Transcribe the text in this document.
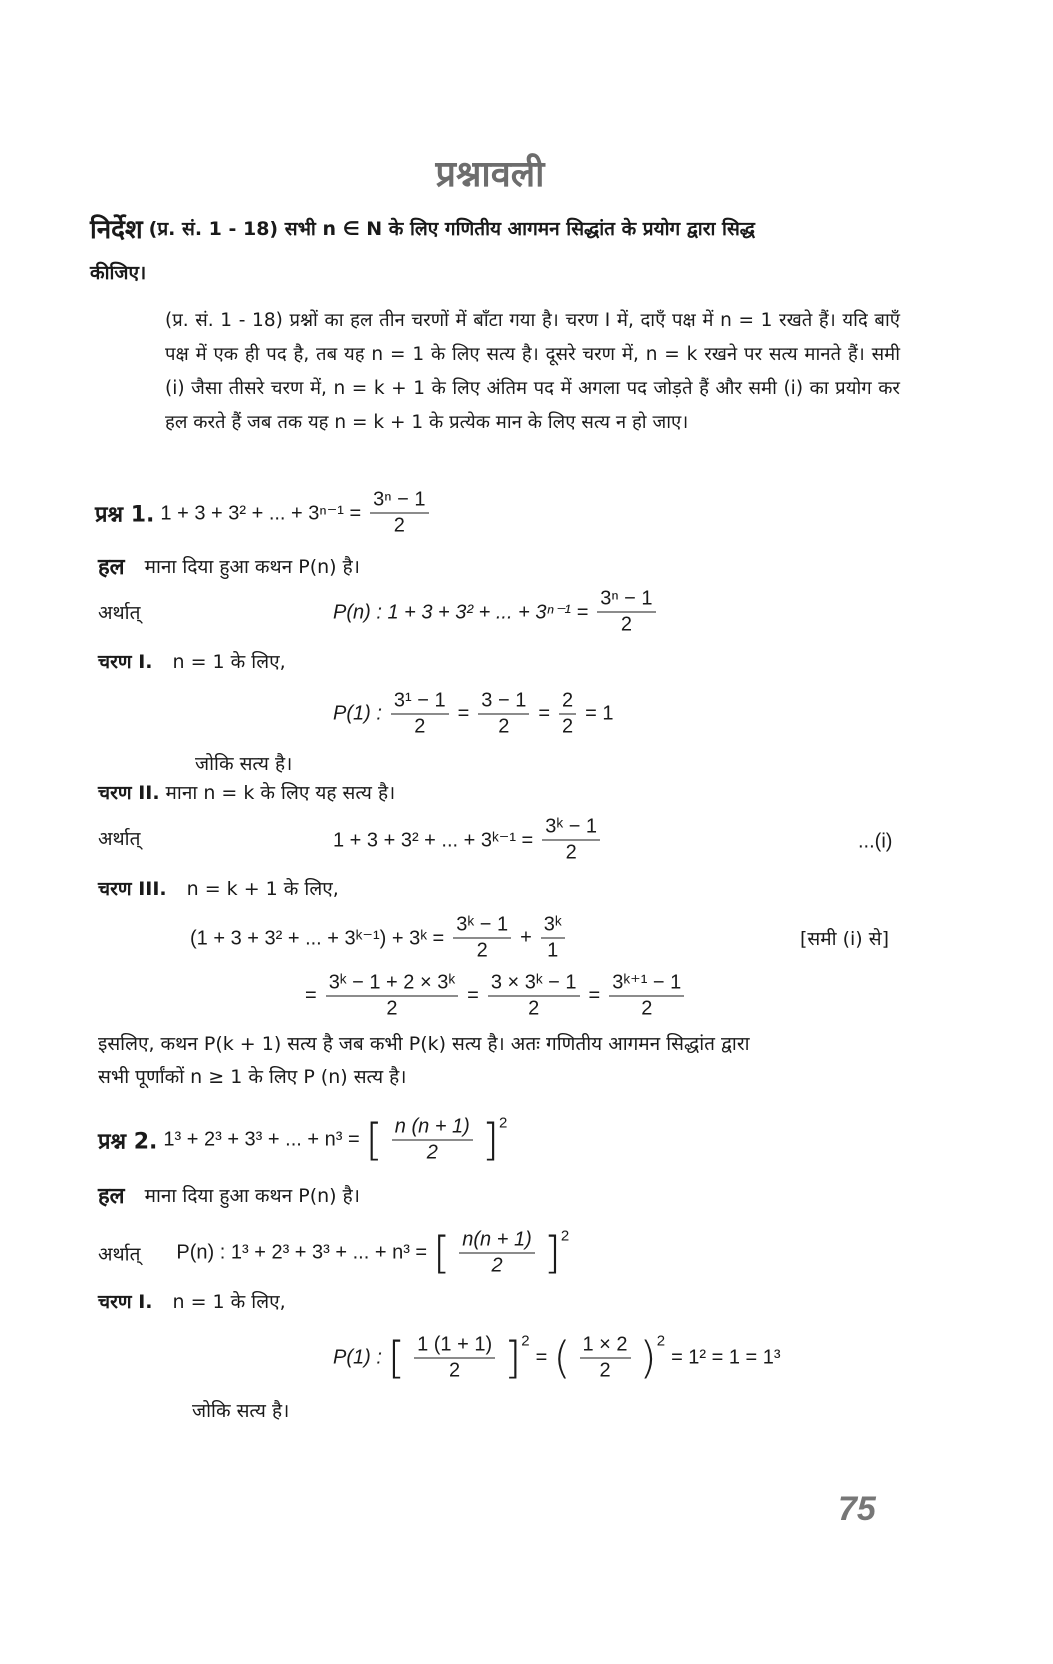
प्रश्नावली
निर्देश (प्र. सं. 1 - 18) सभी n ∈ N के लिए गणितीय आगमन सिद्धांत के प्रयोग द्वारा सिद्ध
कीजिए।
(प्र. सं. 1 - 18) प्रश्नों का हल तीन चरणों में बाँटा गया है। चरण I में, दाएँ पक्ष में n = 1 रखते हैं। यदि बाएँ पक्ष में एक ही पद है, तब यह n = 1 के लिए सत्य है। दूसरे चरण में, n = k रखने पर सत्य मानते हैं। समी (i) जैसा तीसरे चरण में, n = k + 1 के लिए अंतिम पद में अगला पद जोड़ते हैं और समी (i) का प्रयोग कर हल करते हैं जब तक यह n = k + 1 के प्रत्येक मान के लिए सत्य न हो जाए।
प्रश्न 1. 1 + 3 + 3² + ... + $3^{n-1} = \frac{\text{3ⁿ − 1}}{2}$
हल माना दिया हुआ कथन P(n) है।
अर्थात्	P(n) : 1 + 3 + 3² + ... + $3^{n-1} = \frac{\text{3ⁿ − 1}}{2}$
चरण I. n = 1 के लिए,
P(1) : $\frac{\text{3¹ − 1}}{2} = \frac{3 - 1}{2} = \frac{2}{2} = 1$
जोकि सत्य है।
चरण II. माना n = k के लिए यह सत्य है।
अर्थात्	1 + 3 + 3² + ... + 3ᵏ⁻¹ = $\frac{\text{3ᵏ − 1}}{2}$	...(i)
चरण III. n = k + 1 के लिए,
(1 + 3 + 3² + ... + 3ᵏ⁻¹) + 3ᵏ = $\frac{\text{3ᵏ − 1}}{2} + \frac{\text{3ᵏ}}{1}$	[समी (i) से]
= $\frac{\text{3ᵏ − 1 + 2 × 3ᵏ}}{2} = \frac{\text{3 × 3ᵏ − 1}}{2} = \frac{\text{3ᵏ⁺¹ − 1}}{2}$
इसलिए, कथन P(k + 1) सत्य है जब कभी P(k) सत्य है। अतः गणितीय आगमन सिद्धांत द्वारा
सभी पूर्णांकों n ≥ 1 के लिए P (n) सत्य है।
प्रश्न 2. 1³ + 2³ + 3³ + ... + n³ = [ $\frac{n (n + 1)}{2} ]^2$
हल माना दिया हुआ कथन P(n) है।
अर्थात् P(n) : 1³ + 2³ + 3³ + ... + n³ = [ $\frac{n(n + 1)}{2} ]^2$
चरण I. n = 1 के लिए,
P(1) : [ $\frac{1 (1 + 1)}{2} ]^2$
= ( $\frac{1 \times 2}{2} )^2$
= 1² = 1 = 1³
जोकि सत्य है।
75
